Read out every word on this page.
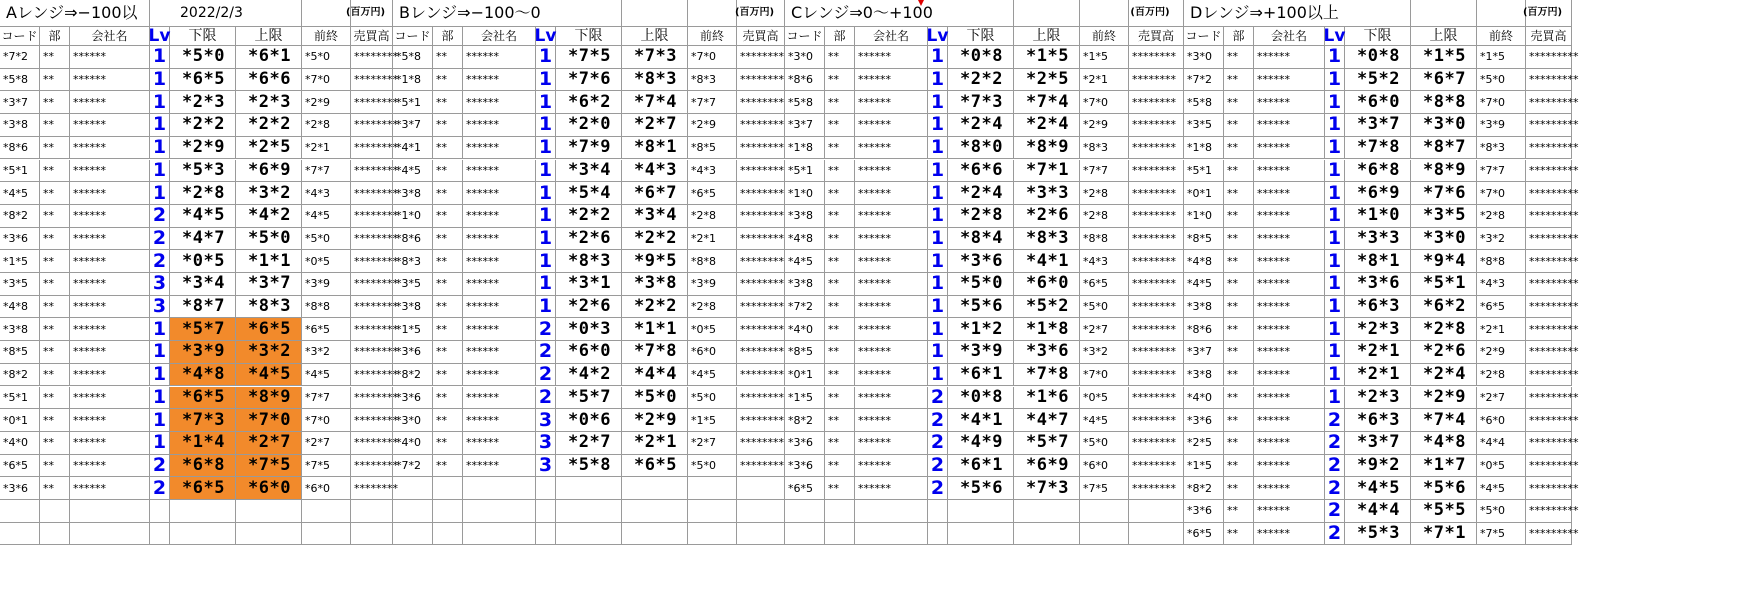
Aレンジ⇒−100以	2022/2/3	(百万円)
コード 部	会社名	Lv	下限	上限	前終	売買高
*7*2	**	******	1 *5*0	*6*1	*5*0	********
*5*8	**	******	1 *6*5	*6*6	*7*0	********
*3*7	**	******	1 *2*3	*2*3	*2*9	********
*3*8	**	******	1 *2*2	*2*2	*2*8	********
*8*6	**	******	1 *2*9	*2*5	*2*1	********
*5*1	**	******	1 *5*3	*6*9	*7*7	********
*4*5	**	******	1 *2*8	*3*2	*4*3	********
*8*2	**	******	2 *4*5	*4*2	*4*5	********
*3*6	**	******	2 *4*7	*5*0	*5*0	********
*1*5	**	******	2 *0*5	*1*1	*0*5	********
*3*5	**	******	3 *3*4	*3*7	*3*9	********
*4*8	**	******	3 *8*7	*8*3	*8*8	********
*3*8	**	******	1 *5*7	*6*5	*6*5	********
*8*5	**	******	1 *3*9	*3*2	*3*2	********
*8*2	**	******	1 *4*8	*4*5	*4*5	********
*5*1	**	******	1 *6*5	*8*9	*7*7	********
*0*1	**	******	1 *7*3	*7*0	*7*0	********
*4*0	**	******	1 *1*4	*2*7	*2*7	********
*6*5	**	******	2 *6*8	*7*5	*7*5	********
*3*6	**	******	2 *6*5	*6*0	*6*0	********
Bレンジ⇒−100〜0	(百万円)
コード 部	会社名	Lv	下限	上限	前終	売買高
*5*8	**	******	1 *7*5	*7*3	*7*0	********
*1*8	**	******	1 *7*6	*8*3	*8*3	********
*5*1	**	******	1 *6*2	*7*4	*7*7	********
*3*7	**	******	1 *2*0	*2*7	*2*9	********
*4*1	**	******	1 *7*9	*8*1	*8*5	********
*4*5	**	******	1 *3*4	*4*3	*4*3	********
*3*8	**	******	1 *5*4	*6*7	*6*5	********
*1*0	**	******	1 *2*2	*3*4	*2*8	********
*8*6	**	******	1 *2*6	*2*2	*2*1	********
*8*3	**	******	1 *8*3	*9*5	*8*8	********
*3*5	**	******	1 *3*1	*3*8	*3*9	********
*3*8	**	******	1 *2*6	*2*2	*2*8	********
*1*5	**	******	2 *0*3	*1*1	*0*5	********
*3*6	**	******	2 *6*0	*7*8	*6*0	********
*8*2	**	******	2 *4*2	*4*4	*4*5	********
*3*6	**	******	2 *5*7	*5*0	*5*0	********
*3*0	**	******	3 *0*6	*2*9	*1*5	********
*4*0	**	******	3 *2*7	*2*1	*2*7	********
*7*2	**	******	3 *5*8	*6*5	*5*0	********
Cレンジ⇒0〜+100	(百万円)
コード 部	会社名	Lv	下限	上限	前終	売買高
*3*0	**	******	1 *0*8	*1*5	*1*5	********
*8*6	**	******	1 *2*2	*2*5	*2*1	********
*5*8	**	******	1 *7*3	*7*4	*7*0	********
*3*7	**	******	1 *2*4	*2*4	*2*9	********
*1*8	**	******	1 *8*0	*8*9	*8*3	********
*5*1	**	******	1 *6*6	*7*1	*7*7	********
*1*0	**	******	1 *2*4	*3*3	*2*8	********
*3*8	**	******	1 *2*8	*2*6	*2*8	********
*4*8	**	******	1 *8*4	*8*3	*8*8	********
*4*5	**	******	1 *3*6	*4*1	*4*3	********
*3*8	**	******	1 *5*0	*6*0	*6*5	********
*7*2	**	******	1 *5*6	*5*2	*5*0	********
*4*0	**	******	1 *1*2	*1*8	*2*7	********
*8*5	**	******	1 *3*9	*3*6	*3*2	********
*0*1	**	******	1 *6*1	*7*8	*7*0	********
*1*5	**	******	2 *0*8	*1*6	*0*5	********
*8*2	**	******	2 *4*1	*4*7	*4*5	********
*3*6	**	******	2 *4*9	*5*7	*5*0	********
*3*6	**	******	2 *6*1	*6*9	*6*0	********
*6*5	**	******	2 *5*6	*7*3	*7*5	********
Dレンジ⇒+100以上	(百万円)
コード 部	会社名 Lv	下限	上限	前終	売買高
*3*0	**	******	1 *0*8	*1*5	*1*5	*********
*7*2	**	******	1 *5*2	*6*7	*5*0	*********
*5*8	**	******	1 *6*0	*8*8	*7*0	*********
*3*5	**	******	1 *3*7	*3*0	*3*9	*********
*1*8	**	******	1 *7*8	*8*7	*8*3	*********
*5*1	**	******	1 *6*8	*8*9	*7*7	*********
*0*1	**	******	1 *6*9	*7*6	*7*0	*********
*1*0	**	******	1 *1*0	*3*5	*2*8	*********
*8*5	**	******	1 *3*3	*3*0	*3*2	*********
*4*8	**	******	1 *8*1	*9*4	*8*8	*********
*4*5	**	******	1 *3*6	*5*1	*4*3	*********
*3*8	**	******	1 *6*3	*6*2	*6*5	*********
*8*6	**	******	1 *2*3	*2*8	*2*1	*********
*3*7	**	******	1 *2*1	*2*6	*2*9	*********
*3*8	**	******	1 *2*1	*2*4	*2*8	*********
*4*0	**	******	1 *2*3	*2*9	*2*7	*********
*3*6	**	******	2 *6*3	*7*4	*6*0	*********
*2*5	**	******	2 *3*7	*4*8	*4*4	*********
*1*5	**	******	2 *9*2	*1*7	*0*5	*********
*8*2	**	******	2 *4*5	*5*6	*4*5	*********
*3*6	**	******	2 *4*4	*5*5	*5*0	*********
*6*5	**	******	2 *5*3	*7*1	*7*5	*********
